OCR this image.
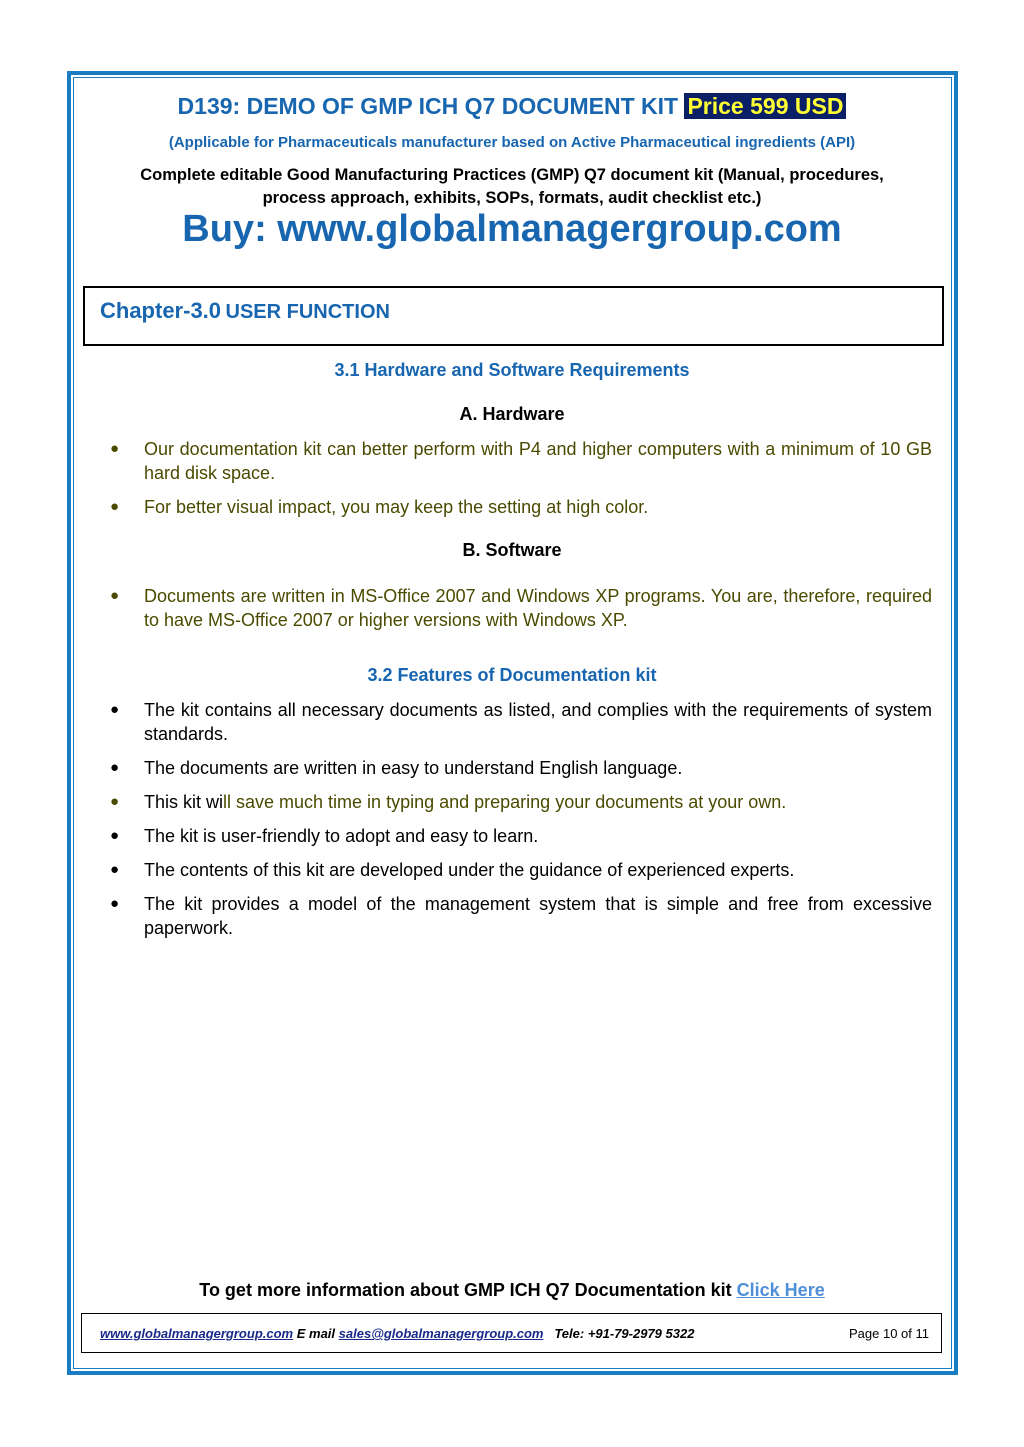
D139: DEMO OF GMP ICH Q7 DOCUMENT KIT Price 599 USD
(Applicable for Pharmaceuticals manufacturer based on Active Pharmaceutical ingredients (API)
Complete editable Good Manufacturing Practices (GMP) Q7 document kit (Manual, procedures,
process approach, exhibits, SOPs, formats, audit checklist etc.)
Buy: www.globalmanagergroup.com
Chapter-3.0 USER FUNCTION
3.1 Hardware and Software Requirements
A. Hardware
●	Our documentation kit can better perform with P4 and higher computers with a minimum of 10 GB hard disk space.
●	For better visual impact, you may keep the setting at high color.
B. Software
●	Documents are written in MS-Office 2007 and Windows XP programs. You are, therefore, required to have MS-Office 2007 or higher versions with Windows XP.
3.2 Features of Documentation kit
●	The kit contains all necessary documents as listed, and complies with the requirements of system standards.
●	The documents are written in easy to understand English language.
●	This kit will save much time in typing and preparing your documents at your own.
●	The kit is user-friendly to adopt and easy to learn.
●	The contents of this kit are developed under the guidance of experienced experts.
●	The kit provides a model of the management system that is simple and free from excessive paperwork.
To get more information about GMP ICH Q7 Documentation kit Click Here
www.globalmanagergroup.com E mail sales@globalmanagergroup.com Tele: +91-79-2979 5322	Page 10 of 11
